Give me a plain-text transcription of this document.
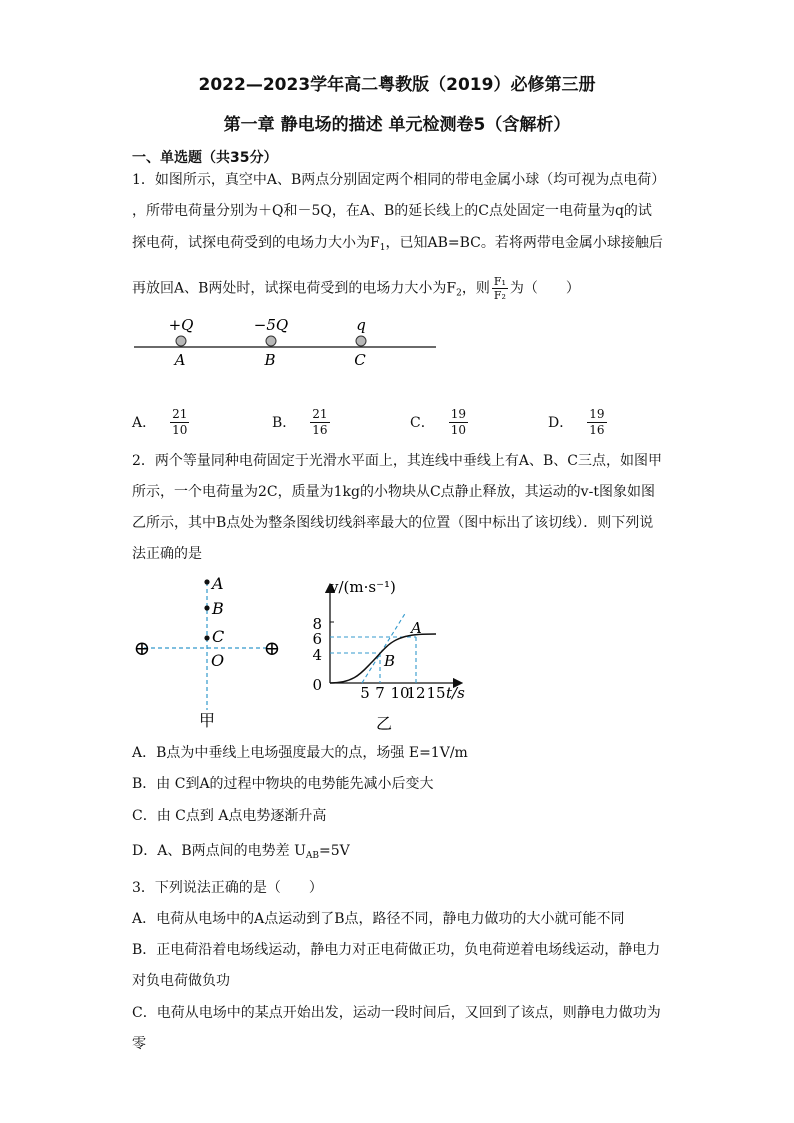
2022—2023学年高二粤教版（2019）必修第三册
第一章 静电场的描述 单元检测卷5（含解析）
一、单选题（共35分）
1．如图所示，真空中A、B两点分别固定两个相同的带电金属小球（均可视为点电荷）
，所带电荷量分别为＋Q和－5Q，在A、B的延长线上的C点处固定一电荷量为q的试
探电荷，试探电荷受到的电场力大小为$F_1$，已知AB=BC。若将两带电金属小球接触后
再放回A、B两处时，试探电荷受到的电场力大小为$F_2$，则 $\frac{\text{F₁}}{\text{F₂}}$ 为（　　）
+Q	−5Q	q
A	B	C
A． $\frac{21}{10}$	B． $\frac{21}{16}$	C． $\frac{19}{10}$	D． $\frac{19}{16}$
2．两个等量同种电荷固定于光滑水平面上，其连线中垂线上有A、B、C三点，如图甲
所示，一个电荷量为2C，质量为1kg的小物块从C点静止释放，其运动的v-t图象如图
乙所示，其中B点处为整条图线切线斜率最大的位置（图中标出了该切线）．则下列说
法正确的是
⊕	⊕
A
B
C
O
甲
v/(m·s⁻¹)
t/s
8
6
4
0	5 7 10
12 15
A
B
乙
A．B点为中垂线上电场强度最大的点，场强 E=1V/m
B．由 C到A的过程中物块的电势能先减小后变大
C．由 C点到 A点电势逐渐升高
D．A、B两点间的电势差 $U_{AB}=5V$
3．下列说法正确的是（　　）
A．电荷从电场中的A点运动到了B点，路径不同，静电力做功的大小就可能不同
B．正电荷沿着电场线运动，静电力对正电荷做正功，负电荷逆着电场线运动，静电力
对负电荷做负功
C．电荷从电场中的某点开始出发，运动一段时间后，又回到了该点，则静电力做功为
零
